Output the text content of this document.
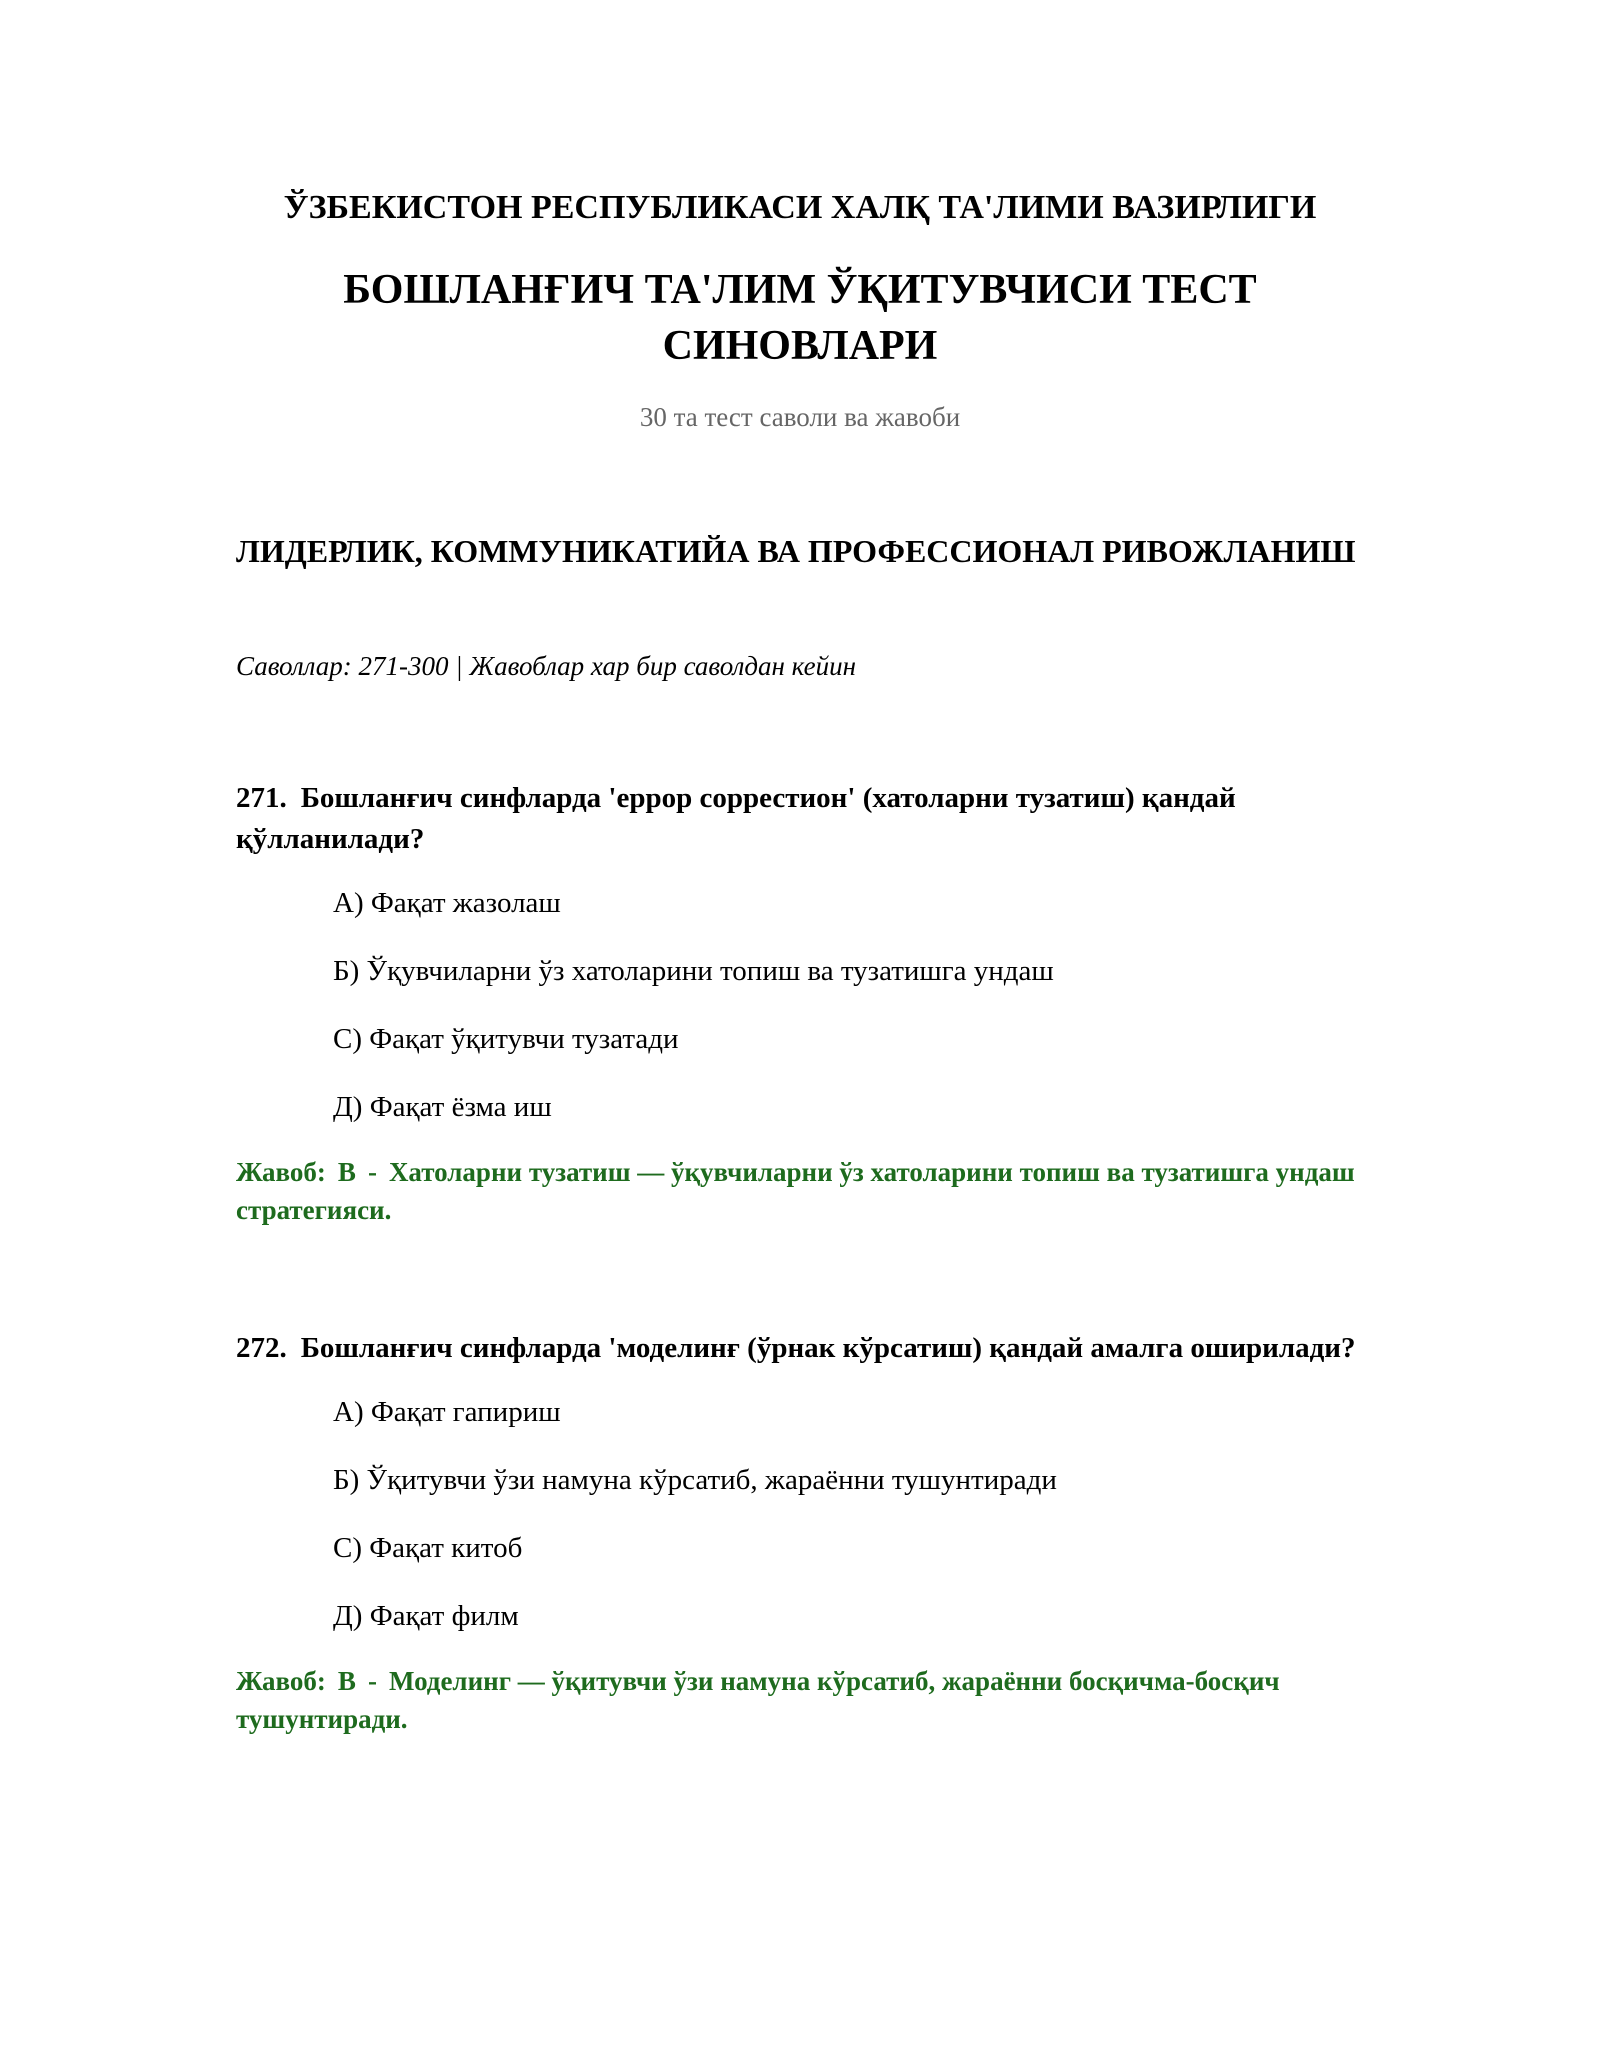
ЎЗБЕКИСТОН РЕСПУБЛИКАСИ ХАЛҚ ТА'ЛИМИ ВАЗИРЛИГИ
БОШЛАНҒИЧ ТА'ЛИМ ЎҚИТУВЧИСИ ТЕСТ СИНОВЛАРИ
30 та тест саволи ва жавоби
ЛИДЕРЛИК, КОММУНИКАТИЙА ВА ПРОФЕССИОНАЛ РИВОЖЛАНИШ
Саволлар: 271-300 | Жавоблар хар бир саволдан кейин

271. Бошланғич синфларда 'еррор соррестион' (хатоларни тузатиш) қандай қўлланилади?

А) Фақат жазолаш
Б) Ўқувчиларни ўз хатоларини топиш ва тузатишга ундаш
С) Фақат ўқитувчи тузатади
Д) Фақат ёзма иш
Жавоб: В - Хатоларни тузатиш — ўқувчиларни ўз хатоларини топиш ва тузатишга ундаш стратегияси.

272. Бошланғич синфларда 'моделинғ (ўрнак кўрсатиш) қандай амалга оширилади?

А) Фақат гапириш
Б) Ўқитувчи ўзи намуна кўрсатиб, жараённи тушунтиради
С) Фақат китоб
Д) Фақат филм
Жавоб: В - Моделинг — ўқитувчи ўзи намуна кўрсатиб, жараённи босқичма-босқич тушунтиради.
